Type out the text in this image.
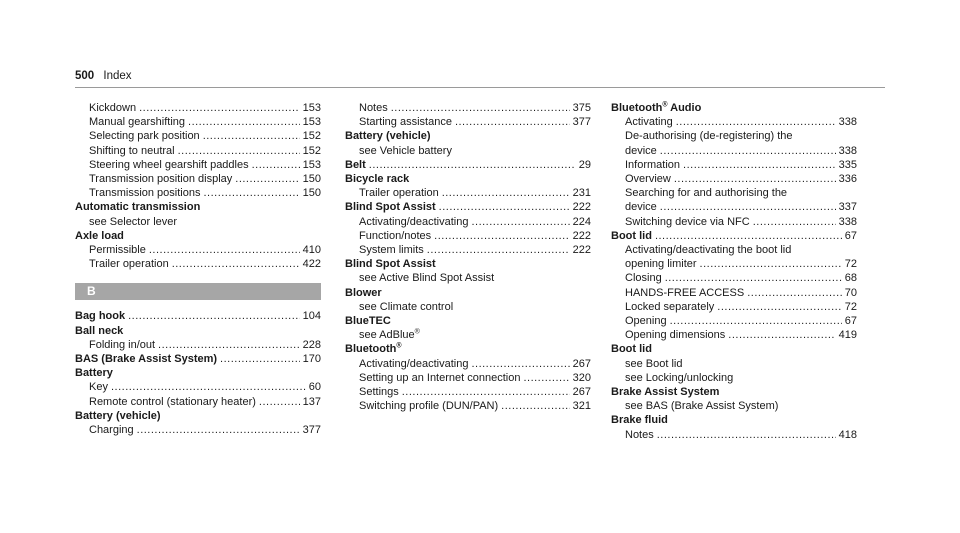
500 Index
Kickdown .....	153
Manual gearshifting .....	153
Selecting park position .....	152
Shifting to neutral .....	152
Steering wheel gearshift paddles .....	153
Transmission position display .....	150
Transmission positions .....	150
Automatic transmission
see Selector lever
Axle load
Permissible .....	410
Trailer operation .....	422
B
Bag hook .....	104
Ball neck
Folding in/out .....	228
BAS (Brake Assist System) .....	170
Battery
Key .....	60
Remote control (stationary heater) .....	137
Battery (vehicle)
Charging .....	377
Notes .....	375
Starting assistance .....	377
Battery (vehicle)
see Vehicle battery
Belt .....	29
Bicycle rack
Trailer operation .....	231
Blind Spot Assist .....	222
Activating/deactivating .....	224
Function/notes .....	222
System limits .....	222
Blind Spot Assist
see Active Blind Spot Assist
Blower
see Climate control
BlueTEC
see AdBlue®
Bluetooth®
Activating/deactivating .....	267
Setting up an Internet connection .....	320
Settings .....	267
Switching profile (DUN/PAN) .....	321
Bluetooth® Audio
Activating .....	338
De-authorising (de-registering) the
device .....	338
Information .....	335
Overview .....	336
Searching for and authorising the
device .....	337
Switching device via NFC .....	338
Boot lid .....	67
Activating/deactivating the boot lid
opening limiter .....	72
Closing .....	68
HANDS-FREE ACCESS .....	70
Locked separately .....	72
Opening .....	67
Opening dimensions .....	419
Boot lid
see Boot lid
see Locking/unlocking
Brake Assist System
see BAS (Brake Assist System)
Brake fluid
Notes .....	418
